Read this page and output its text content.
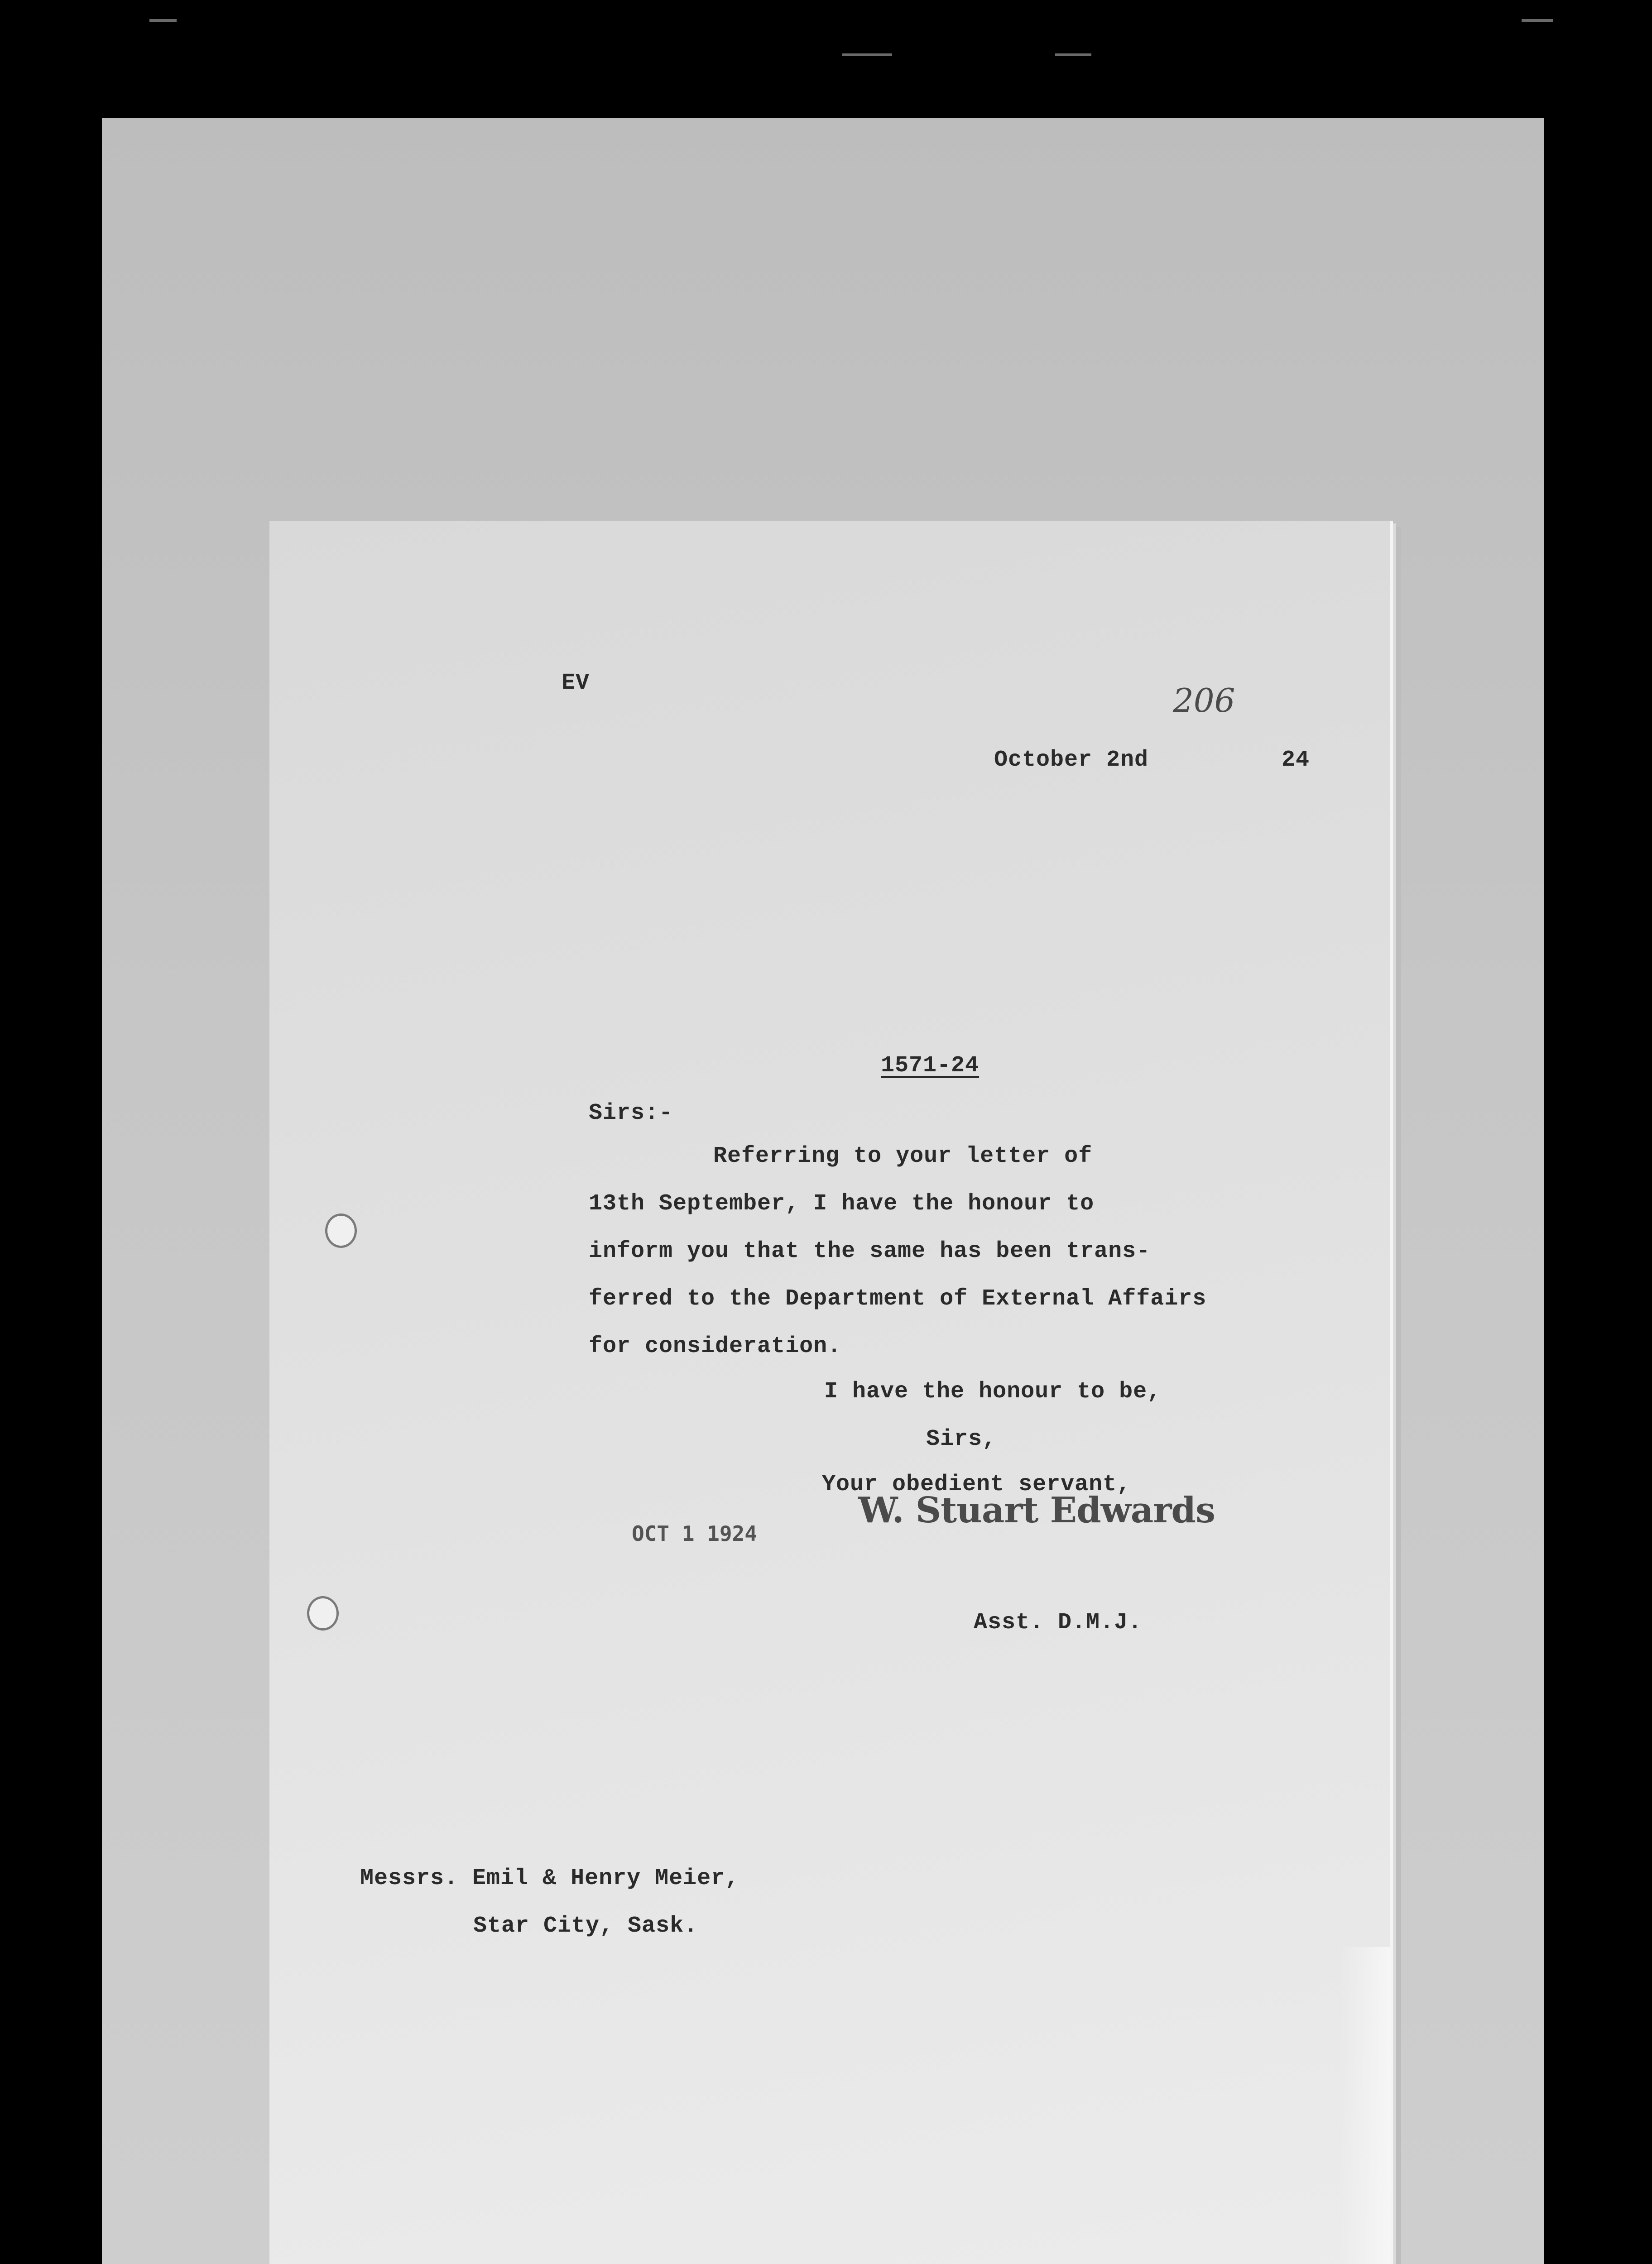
EV	206
October 2nd	24
1571-24
Sirs:-
Referring to your letter of
13th September, I have the honour to
inform you that the same has been trans-
ferred to the Department of External Affairs
for consideration.
I have the honour to be,
Sirs,
Your obedient servant,
W. Stuart Edwards
OCT 1 1924
Asst. D.M.J.
Messrs. Emil & Henry Meier,
Star City, Sask.
